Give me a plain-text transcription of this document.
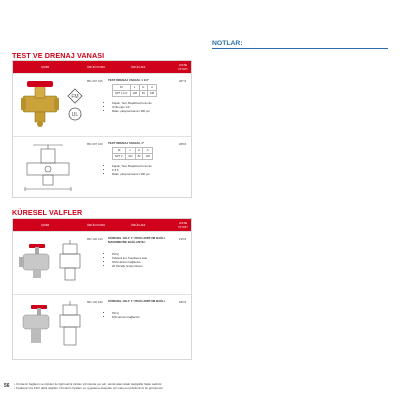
TEST VE DRENAJ VANASI
ÇİZİM	ÜRÜN KODU	ÜRÜN ADI	LİSTE
FİYATI
FM
UL
851 007 015 TEST DRENAJ VANASI, 1 1/4"
	DI	L	H	A
	NPT 1 1/4"	108	83	138
• Kapalı, Test, Boşaltma Konumlu
• Orifis çapı 1/2"
• Maks. çalışma basıncı 300 psi
267 €
851 007 100 TEST DRENAJ VANASI, 1"
	DI	L	H	A
	NPT 1"	102	82	128
• Kapalı, Test, Boşaltma Konumlu
• K 5.6
• Maks. çalışma basıncı 300 psi
268 €
KÜRESEL VALFLER
ÇİZİM	ÜRÜN KODU	ÜRÜN ADI	LİSTE
FİYATI
852 102 014 KÜRESEL VALF 1" PN16 HORTUM BAĞLI MANOMETRE BAĞLANTILI
• Pirinç
• Kelebek kol, Tespitleme kolu
• NSS Hortum bağlantısı
• 20 Panelik hortup fiksesi
215 €
852 102 040 KÜRESEL VALF 1" PN16 HORTUM BAĞLI
• Pirinç
• DIN Hortum bağlantısı
180 €
NOTLAR:
56 • Ürünlerin bağlantı ve ölçüleri ile ilgili teknik ölçüler çizimlerde yer alır, teknik alanındaki değişiklik hakkı saklıdır.
• Fiyatlarımıza KDV dahil değildir. Ürünlerin fiyatları ve uygulama detayları için satış temsilcilerimiz ile görüşünüz.
